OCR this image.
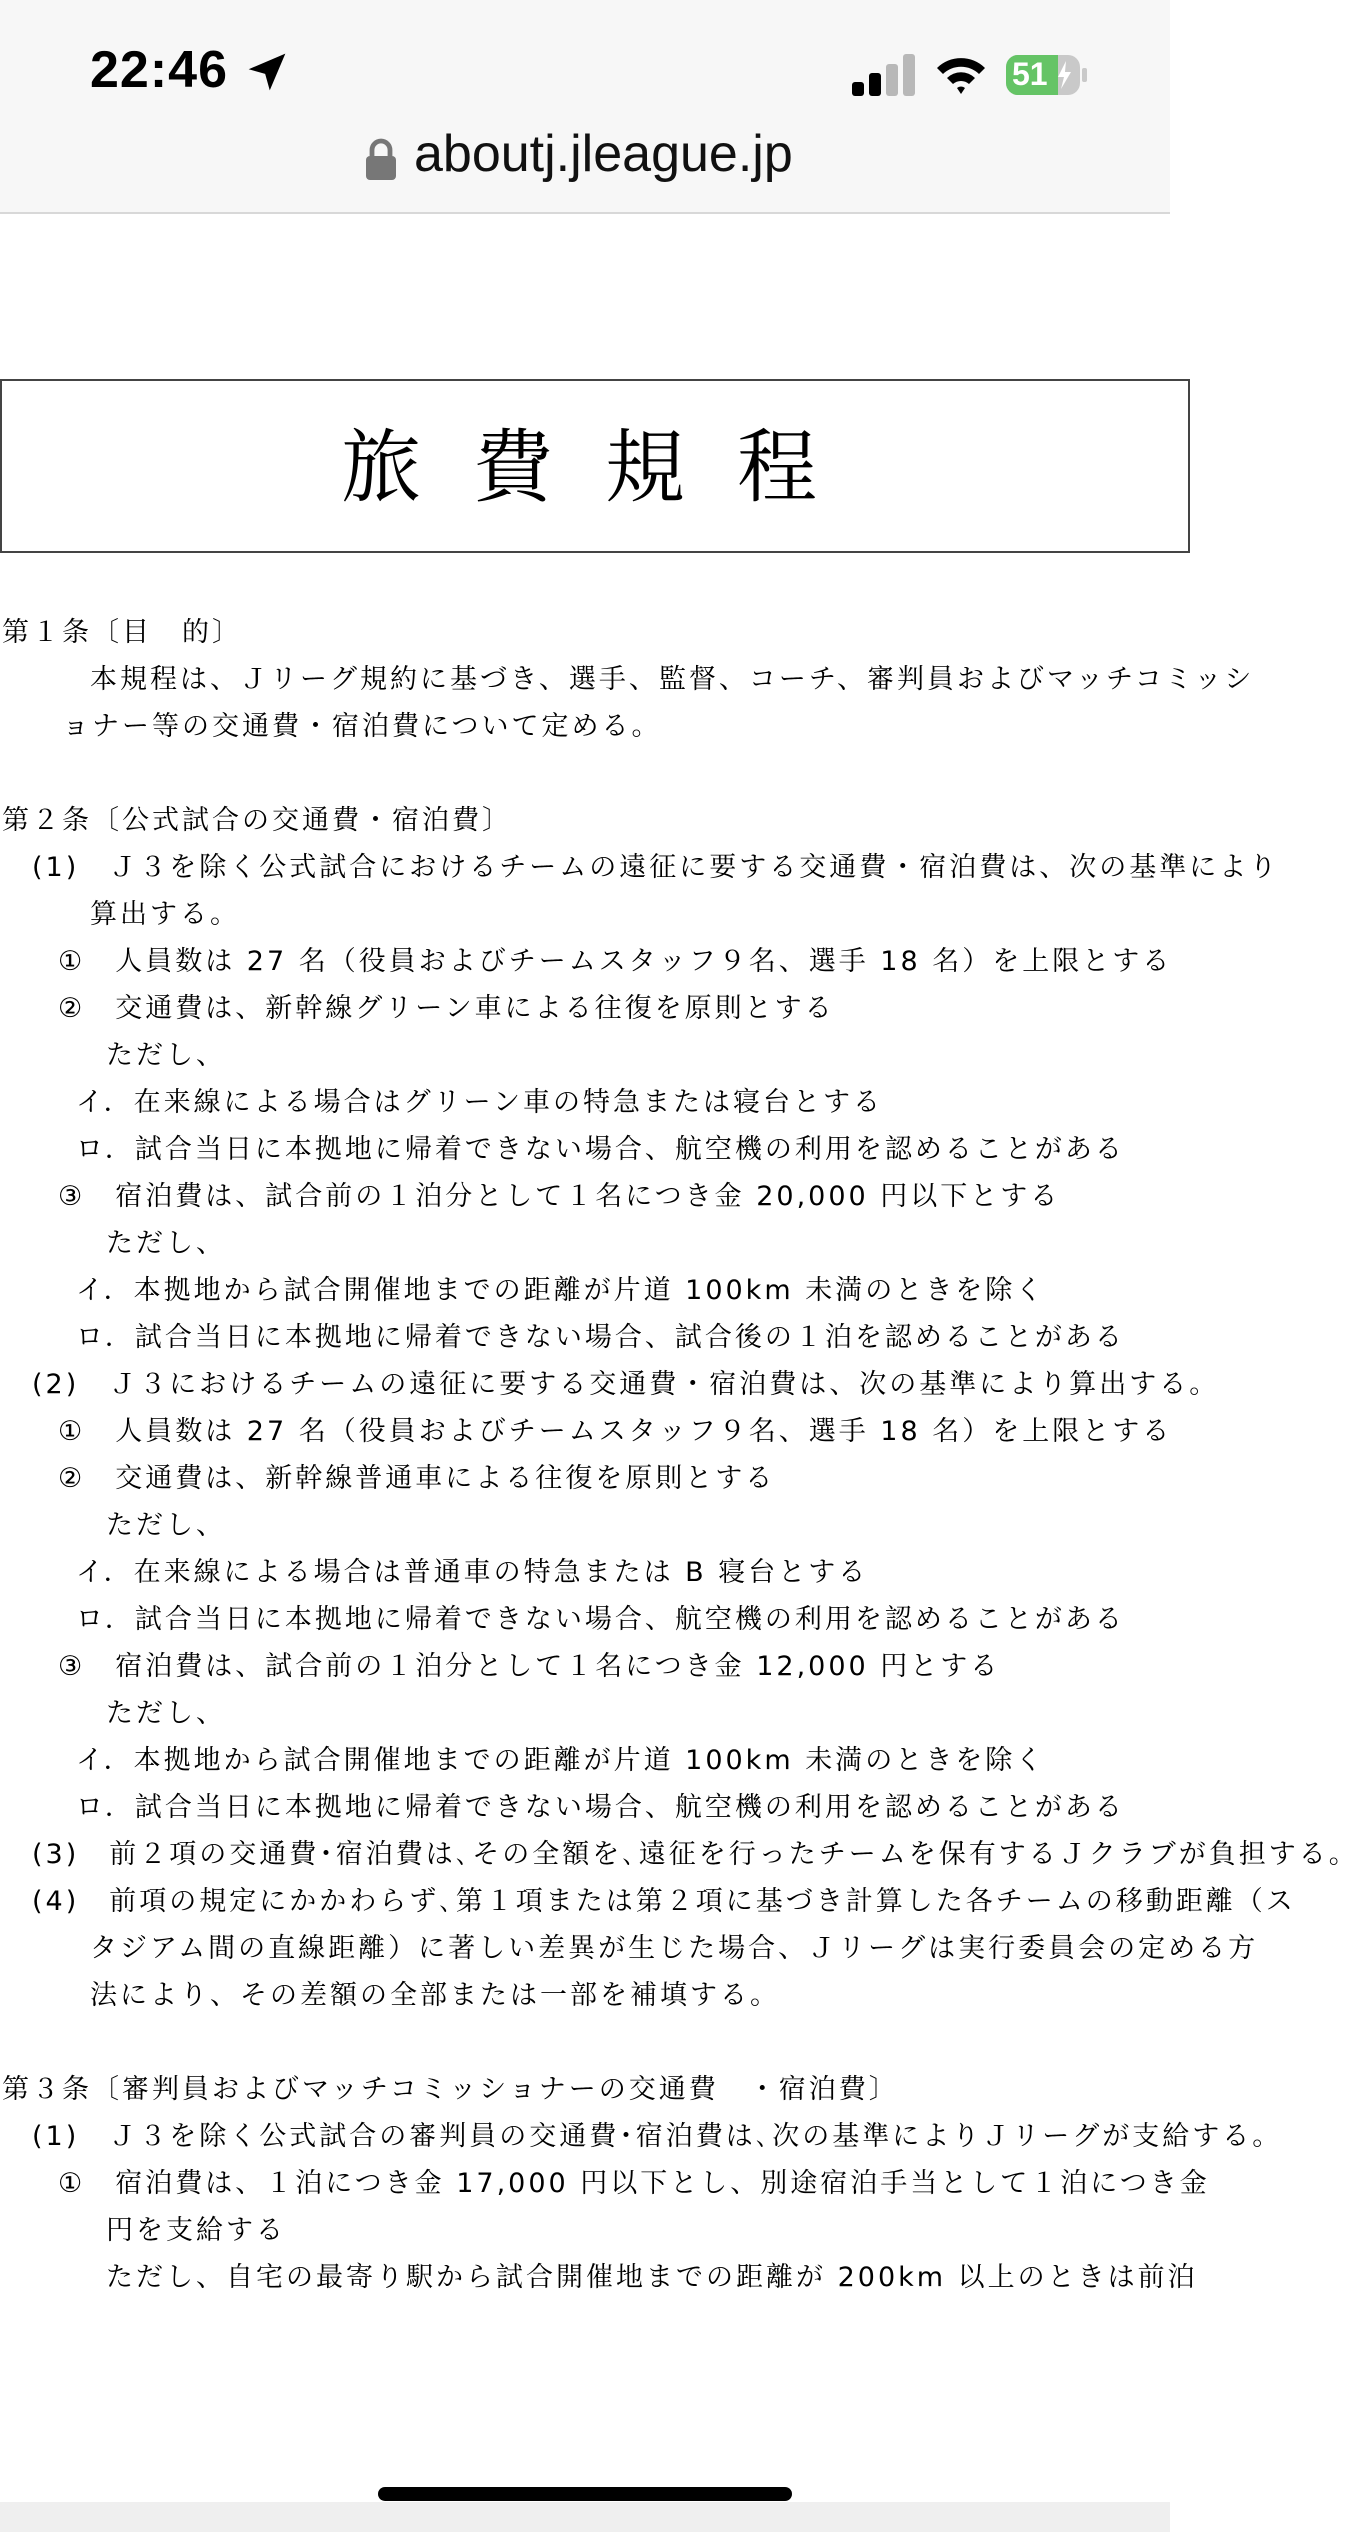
22:46	51
aboutj.jleague.jp
旅費規程
第１条〔目　的〕
本規程は、Ｊリーグ規約に基づき、選手、監督、コーチ、審判員およびマッチコミッシ
ョナー等の交通費・宿泊費について定める。
第２条〔公式試合の交通費・宿泊費〕
(1)　Ｊ３を除く公式試合におけるチームの遠征に要する交通費・宿泊費は、次の基準により
算出する。
①　人員数は 27 名（役員およびチームスタッフ９名、選手 18 名）を上限とする
②　交通費は、新幹線グリーン車による往復を原則とする
ただし、
イ．在来線による場合はグリーン車の特急または寝台とする
ロ．試合当日に本拠地に帰着できない場合、航空機の利用を認めることがある
③　宿泊費は、試合前の１泊分として１名につき金 20,000 円以下とする
ただし、
イ．本拠地から試合開催地までの距離が片道 100km 未満のときを除く
ロ．試合当日に本拠地に帰着できない場合、試合後の１泊を認めることがある
(2)　Ｊ３におけるチームの遠征に要する交通費・宿泊費は、次の基準により算出する。
①　人員数は 27 名（役員およびチームスタッフ９名、選手 18 名）を上限とする
②　交通費は、新幹線普通車による往復を原則とする
ただし、
イ．在来線による場合は普通車の特急または B 寝台とする
ロ．試合当日に本拠地に帰着できない場合、航空機の利用を認めることがある
③　宿泊費は、試合前の１泊分として１名につき金 12,000 円とする
ただし、
イ．本拠地から試合開催地までの距離が片道 100km 未満のときを除く
ロ．試合当日に本拠地に帰着できない場合、航空機の利用を認めることがある
(3)　前２項の交通費･宿泊費は､その全額を､遠征を行ったチームを保有するＪクラブが負担する。
(4)　前項の規定にかかわらず､第１項または第２項に基づき計算した各チームの移動距離（ス
タジアム間の直線距離）に著しい差異が生じた場合、Ｊリーグは実行委員会の定める方
法により、その差額の全部または一部を補填する。
第３条〔審判員およびマッチコミッショナーの交通費　・宿泊費〕
(1)　Ｊ３を除く公式試合の審判員の交通費･宿泊費は､次の基準によりＪリーグが支給する。
①　宿泊費は、１泊につき金 17,000 円以下とし、別途宿泊手当として１泊につき金
円を支給する
ただし、自宅の最寄り駅から試合開催地までの距離が 200km 以上のときは前泊
